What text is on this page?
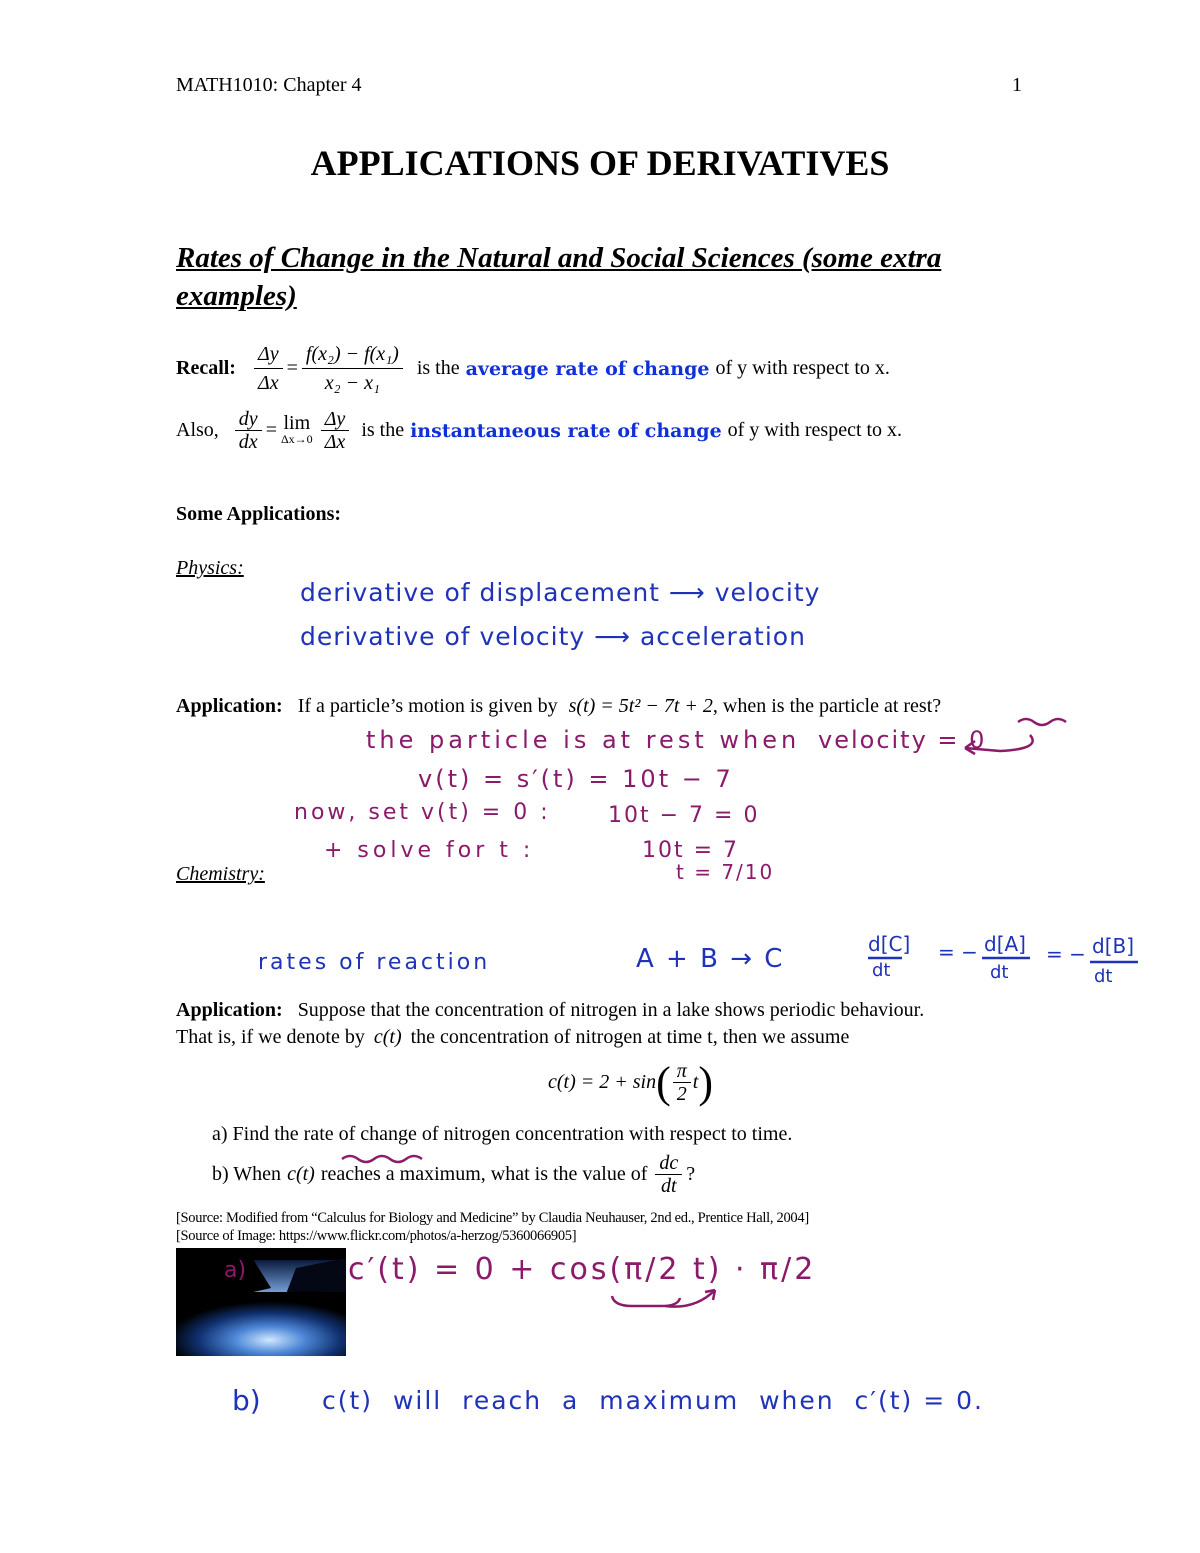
MATH1010: Chapter 4	1
APPLICATIONS OF DERIVATIVES
Rates of Change in the Natural and Social Sciences (some extra
examples)
Recall: $\frac{\Delta y}{\Delta x} = \frac{\text{f(x₂) − f(x₁)}}{\text{x₂ − x₁}}$ is the average rate of change of y with respect to x.
Also, $\frac{dy}{dx} = \lim$
$\Delta x\to 0 \frac{\Delta y}{\Delta x}$ is the instantaneous rate of change of y with respect to x.
Some Applications:
Physics:
derivative of displacement ⟶ velocity
derivative of velocity ⟶ acceleration
Application: If a particle’s motion is given by s(t) = 5t² − 7t + 2, when is the particle at rest?
the particle is at rest when velocity = 0
v(t) = s′(t) = 10t − 7
now, set v(t) = 0 :	10t − 7 = 0
+ solve for t :	10t = 7
t = 7/10
Chemistry:
rates of reaction	A + B → C	d[C]
dt
= − d[A]
dt
= − d[B]
dt
Application: Suppose that the concentration of nitrogen in a lake shows periodic behaviour.
That is, if we denote by c(t) the concentration of nitrogen at time t, then we assume
c(t) = 2 + sin ( $\frac{\pi}{2}$ t )
a) Find the rate of change of nitrogen concentration with respect to time.
b) When c(t) reaches a maximum, what is the value of $\frac{dc}{dt}$ ?
[Source: Modified from “Calculus for Biology and Medicine” by Claudia Neuhauser, 2nd ed., Prentice Hall, 2004]
[Source of Image: https://www.flickr.com/photos/a-herzog/5360066905]
a)	c′(t) = 0 + cos(π/2 t) · π/2
b) c(t)  will  reach  a  maximum  when  c′(t) = 0.
